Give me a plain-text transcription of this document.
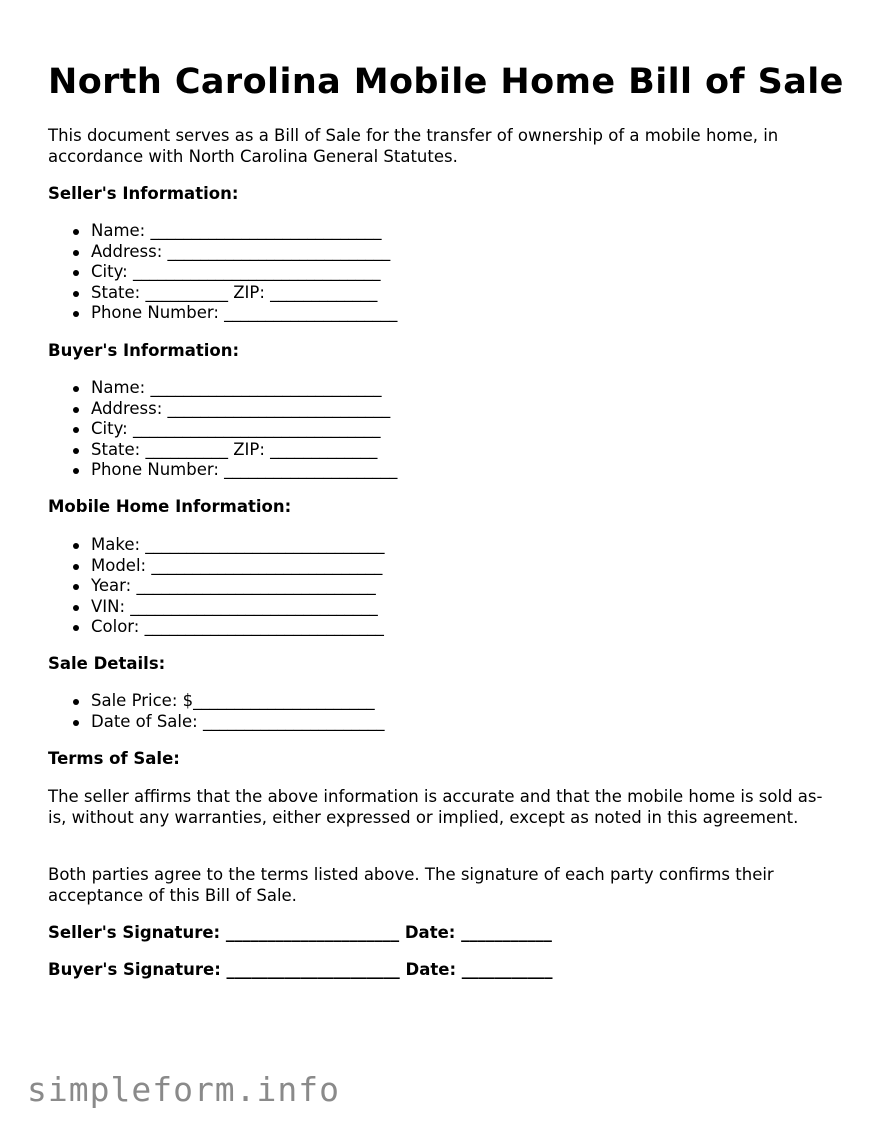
North Carolina Mobile Home Bill of Sale

This document serves as a Bill of Sale for the transfer of ownership of a mobile home, in accordance with North Carolina General Statutes.

Seller's Information:

Name: ____________________________
Address: ___________________________
City: ______________________________
State: __________ ZIP: _____________
Phone Number: _____________________

Buyer's Information:

Name: ____________________________
Address: ___________________________
City: ______________________________
State: __________ ZIP: _____________
Phone Number: _____________________

Mobile Home Information:

Make: _____________________________
Model: ____________________________
Year: _____________________________
VIN: ______________________________
Color: _____________________________

Sale Details:

Sale Price: $______________________
Date of Sale: ______________________

Terms of Sale:

The seller affirms that the above information is accurate and that the mobile home is sold as-is, without any warranties, either expressed or implied, except as noted in this agreement.

Both parties agree to the terms listed above. The signature of each party confirms their acceptance of this Bill of Sale.

Seller's Signature: _____________________ Date: ___________

Buyer's Signature: _____________________ Date: ___________

simpleform.info
